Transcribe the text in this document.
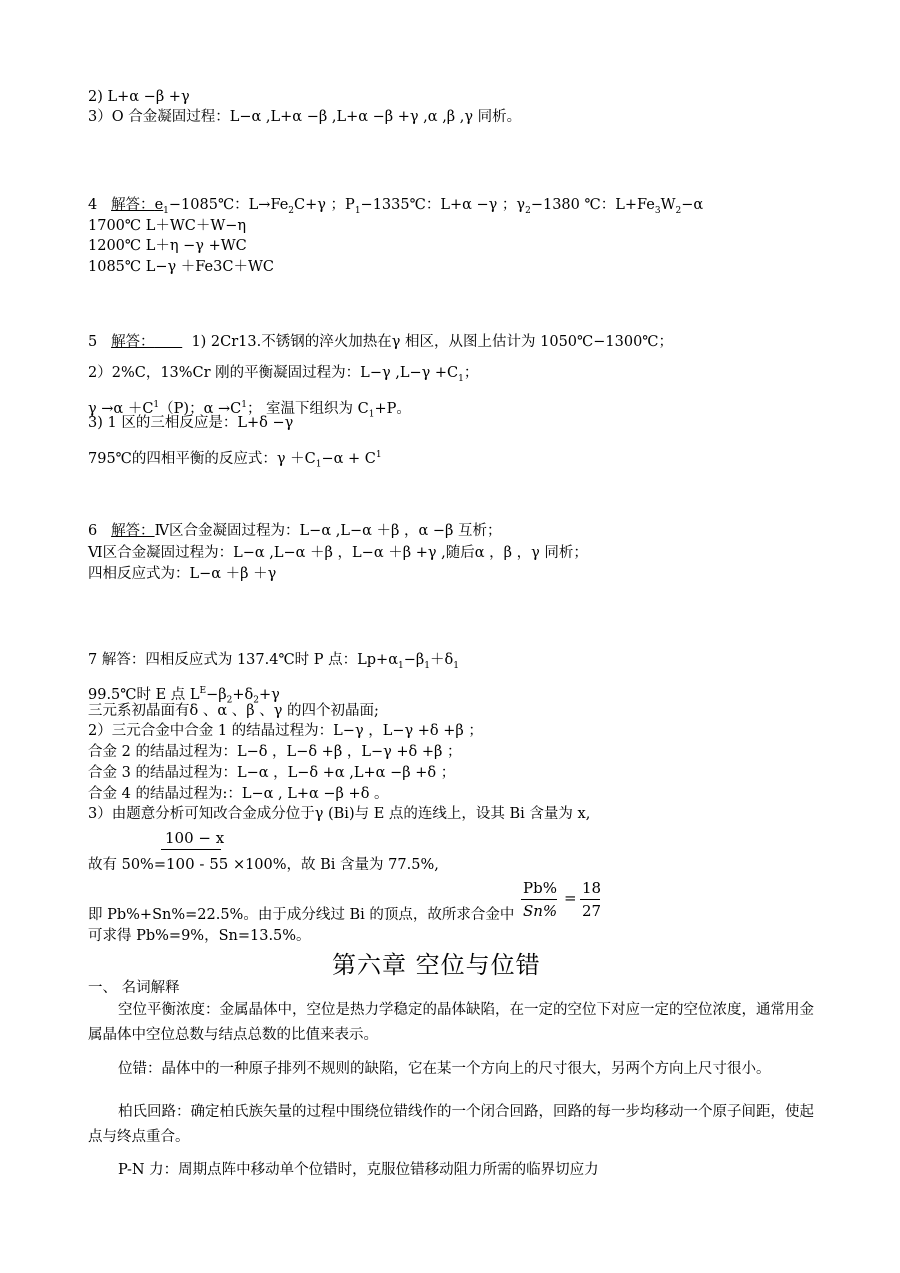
2) L+α −β +γ
3）O 合金凝固过程：L−α ,L+α −β ,L+α −β +γ ,α ,β ,γ 同析。
4 解答：$e_1-1085℃$：$L\to Fe_2C+\gamma$ ；$P_1-1335℃$：L+α −γ ；$\gamma_2-1380$ ℃：$L+Fe_3W_2-\alpha$
1700℃ L＋WC＋W−η
1200℃ L＋η −γ +WC
1085℃ L−γ ＋Fe3C＋WC
5 解答：	1) 2Cr13.不锈钢的淬火加热在γ 相区，从图上估计为 1050℃−1300℃；
2）2%C，13%Cr 刚的平衡凝固过程为：L−γ $,L-\gamma +C_1$；
$\gamma \to\alpha +C^1(P)$；$\alpha \to C^1$； 室温下组织为 $C_1+P$。
3) 1 区的三相反应是：L+δ −γ
795℃的四相平衡的反应式：$\gamma +C_1-\alpha + C^1$
6 解答：Ⅳ区合金凝固过程为：L−α ,L−α ＋β ，α −β 互析；
Ⅵ区合金凝固过程为：L−α ,L−α ＋β ，L−α ＋β +γ ,随后α ，β ，γ 同析；
四相反应式为：L−α ＋β ＋γ
7 解答：四相反应式为 137.4℃时 P 点：$Lp+\alpha_1-\beta_1+\delta_1$
99.5℃时 E 点 $L^E-\beta_2+\delta_2+\gamma$
三元系初晶面有δ 、α 、β 、γ 的四个初晶面;
2）三元合金中合金 1 的结晶过程为：L−γ ，L−γ +δ +β ；
合金 2 的结晶过程为：L−δ ，L−δ +β ，L−γ +δ +β ；
合金 3 的结晶过程为：L−α ，L−δ +α ,L+α −β +δ ；
合金 4 的结晶过程为:：L−α , L+α −β +δ 。
3）由题意分析可知改合金成分位于γ (Bi)与 E 点的连线上，设其 Bi 含量为 x,
100 − x
故有 50%=100 - 55 ×100%，故 Bi 含量为 77.5%,
Pb%
Sn%
=
18
27
即 Pb%+Sn%=22.5%。由于成分线过 Bi 的顶点，故所求合金中
可求得 Pb%=9%，Sn=13.5%。
第六章 空位与位错
一、 名词解释
空位平衡浓度：金属晶体中，空位是热力学稳定的晶体缺陷，在一定的空位下对应一定的空位浓度，通常用金属晶体中空位总数与结点总数的比值来表示。
位错：晶体中的一种原子排列不规则的缺陷，它在某一个方向上的尺寸很大，另两个方向上尺寸很小。
柏氏回路：确定柏氏族矢量的过程中围绕位错线作的一个闭合回路，回路的每一步均移动一个原子间距，使起点与终点重合。
P-N 力：周期点阵中移动单个位错时，克服位错移动阻力所需的临界切应力
